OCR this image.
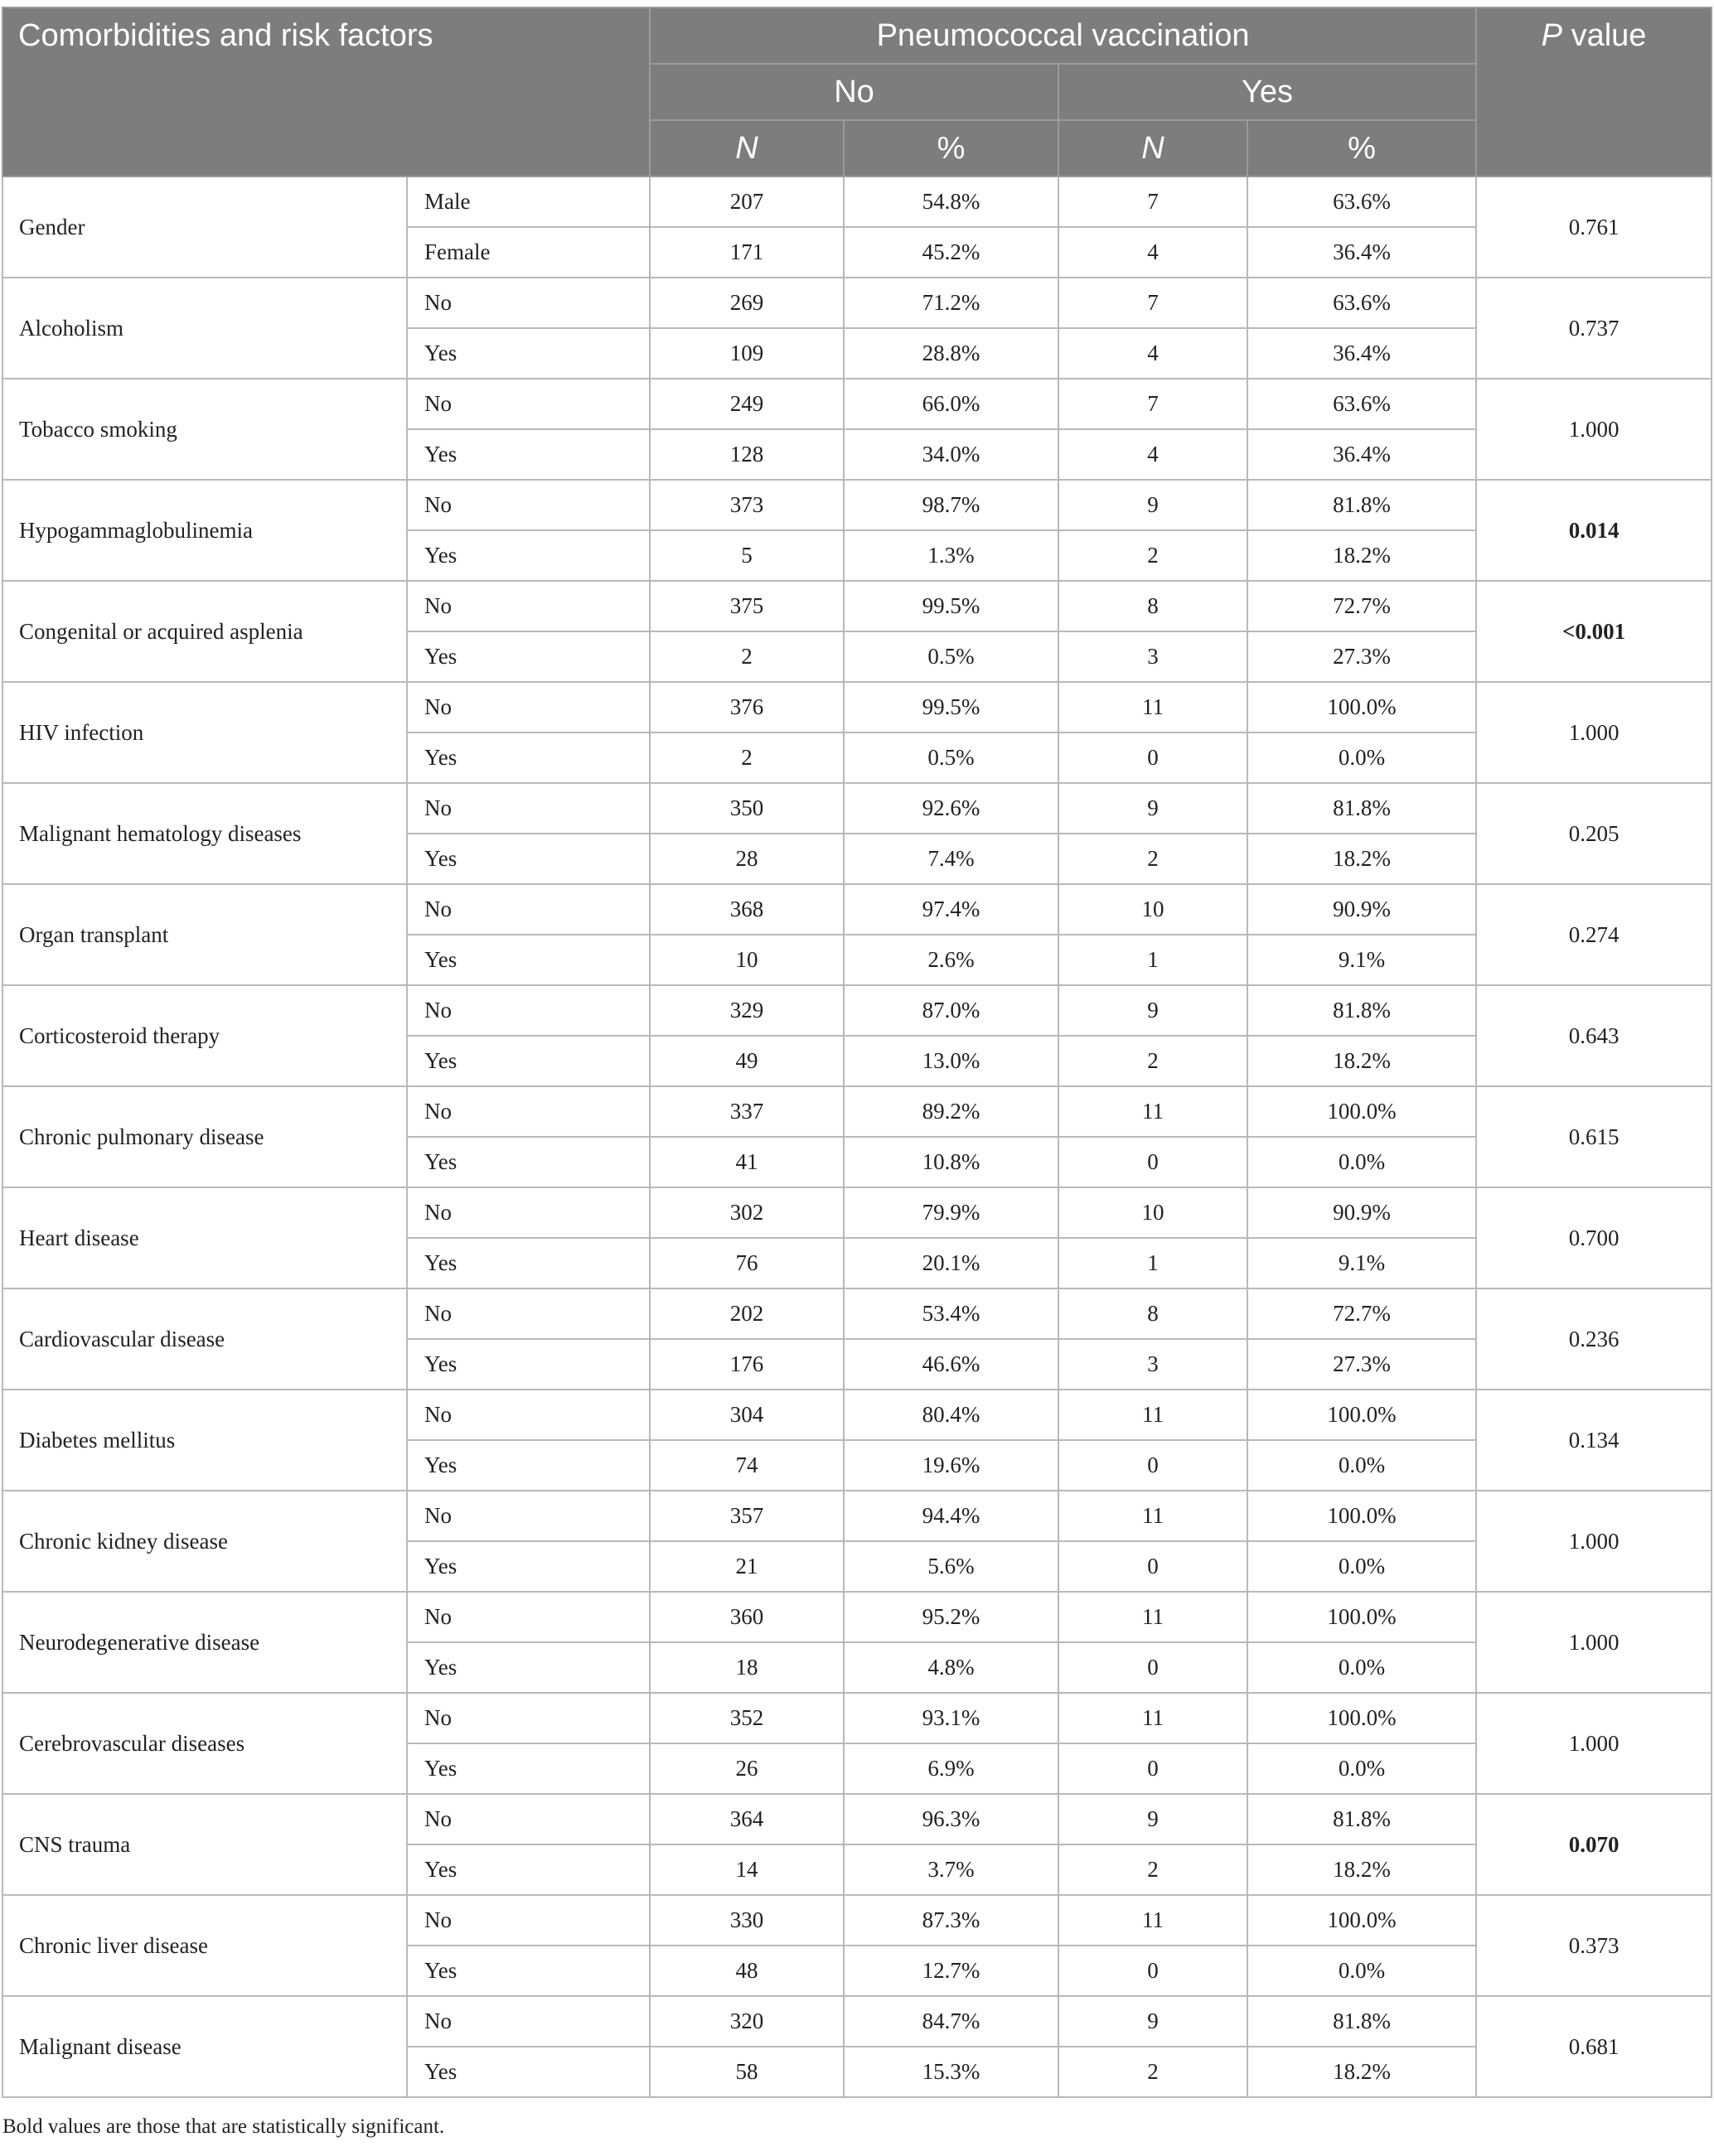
Comorbidities and risk factors		Pneumococcal vaccination				P value
		No		Yes		
		N	%	N	%	
Gender	Male	207	54.8%	7	63.6%	0.761
	Female	171	45.2%	4	36.4%	
Alcoholism	No	269	71.2%	7	63.6%	0.737
	Yes	109	28.8%	4	36.4%	
Tobacco smoking	No	249	66.0%	7	63.6%	1.000
	Yes	128	34.0%	4	36.4%	
Hypogammaglobulinemia	No	373	98.7%	9	81.8%	0.014
	Yes	5	1.3%	2	18.2%	
Congenital or acquired asplenia	No	375	99.5%	8	72.7%	<0.001
	Yes	2	0.5%	3	27.3%	
HIV infection	No	376	99.5%	11	100.0%	1.000
	Yes	2	0.5%	0	0.0%	
Malignant hematology diseases	No	350	92.6%	9	81.8%	0.205
	Yes	28	7.4%	2	18.2%	
Organ transplant	No	368	97.4%	10	90.9%	0.274
	Yes	10	2.6%	1	9.1%	
Corticosteroid therapy	No	329	87.0%	9	81.8%	0.643
	Yes	49	13.0%	2	18.2%	
Chronic pulmonary disease	No	337	89.2%	11	100.0%	0.615
	Yes	41	10.8%	0	0.0%	
Heart disease	No	302	79.9%	10	90.9%	0.700
	Yes	76	20.1%	1	9.1%	
Cardiovascular disease	No	202	53.4%	8	72.7%	0.236
	Yes	176	46.6%	3	27.3%	
Diabetes mellitus	No	304	80.4%	11	100.0%	0.134
	Yes	74	19.6%	0	0.0%	
Chronic kidney disease	No	357	94.4%	11	100.0%	1.000
	Yes	21	5.6%	0	0.0%	
Neurodegenerative disease	No	360	95.2%	11	100.0%	1.000
	Yes	18	4.8%	0	0.0%	
Cerebrovascular diseases	No	352	93.1%	11	100.0%	1.000
	Yes	26	6.9%	0	0.0%	
CNS trauma	No	364	96.3%	9	81.8%	0.070
	Yes	14	3.7%	2	18.2%	
Chronic liver disease	No	330	87.3%	11	100.0%	0.373
	Yes	48	12.7%	0	0.0%	
Malignant disease	No	320	84.7%	9	81.8%	0.681
	Yes	58	15.3%	2	18.2%	
Bold values are those that are statistically significant.
